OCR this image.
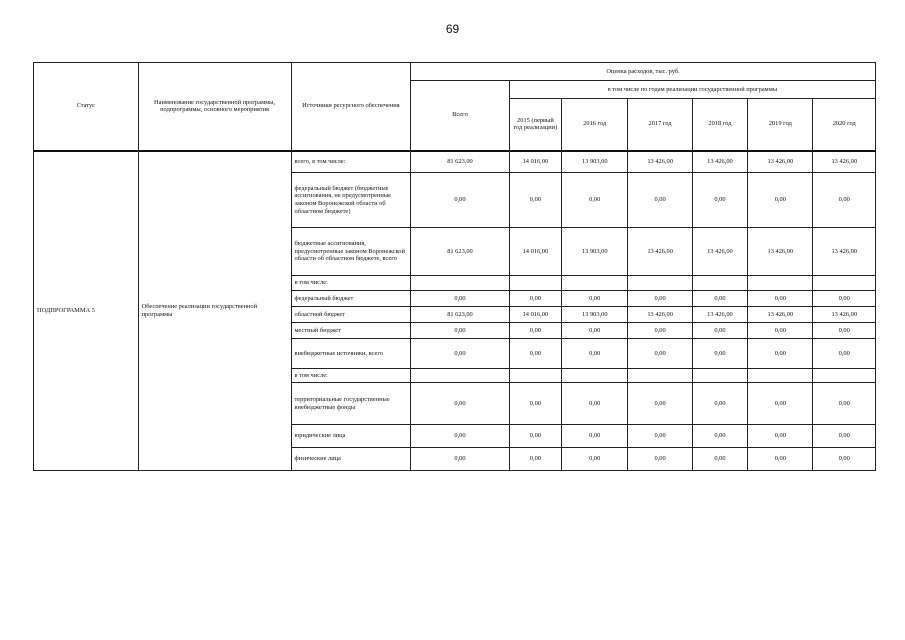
69
Статус	Наименование государственной программы, подпрограммы, основного мероприятия	Источники ресурсного обеспечения	Оценка расходов, тыс. руб.						
			Всего	в том числе по годам реализации государственной программы					
				2015 (первый год реализации)	2016 год	2017 год	2018 год	2019 год	2020 год
ПОДПРОГРАММА 5	Обеспечение реализации государственной программы	всего, в том числе:	81 623,00	14 016,00	13 903,00	13 426,00	13 426,00	13 426,00	13 426,00
		федеральный бюджет (бюджетные ассигнования, не предусмотренные законом Воронежской области об областном бюджете)	0,00	0,00	0,00	0,00	0,00	0,00	0,00
		бюджетные ассигнования, предусмотренные законом Воронежской области об областном бюджете, всего	81 623,00	14 016,00	13 903,00	13 426,00	13 426,00	13 426,00	13 426,00
		в том числе:							
		федеральный бюджет	0,00	0,00	0,00	0,00	0,00	0,00	0,00
		областной бюджет	81 623,00	14 016,00	13 903,00	13 426,00	13 426,00	13 426,00	13 426,00
		местный бюджет	0,00	0,00	0,00	0,00	0,00	0,00	0,00
		внебюджетные источники, всего	0,00	0,00	0,00	0,00	0,00	0,00	0,00
		в том числе:							
		территориальные государственные внебюджетные фонды	0,00	0,00	0,00	0,00	0,00	0,00	0,00
		юридические лица	0,00	0,00	0,00	0,00	0,00	0,00	0,00
		физические лица	0,00	0,00	0,00	0,00	0,00	0,00	0,00
